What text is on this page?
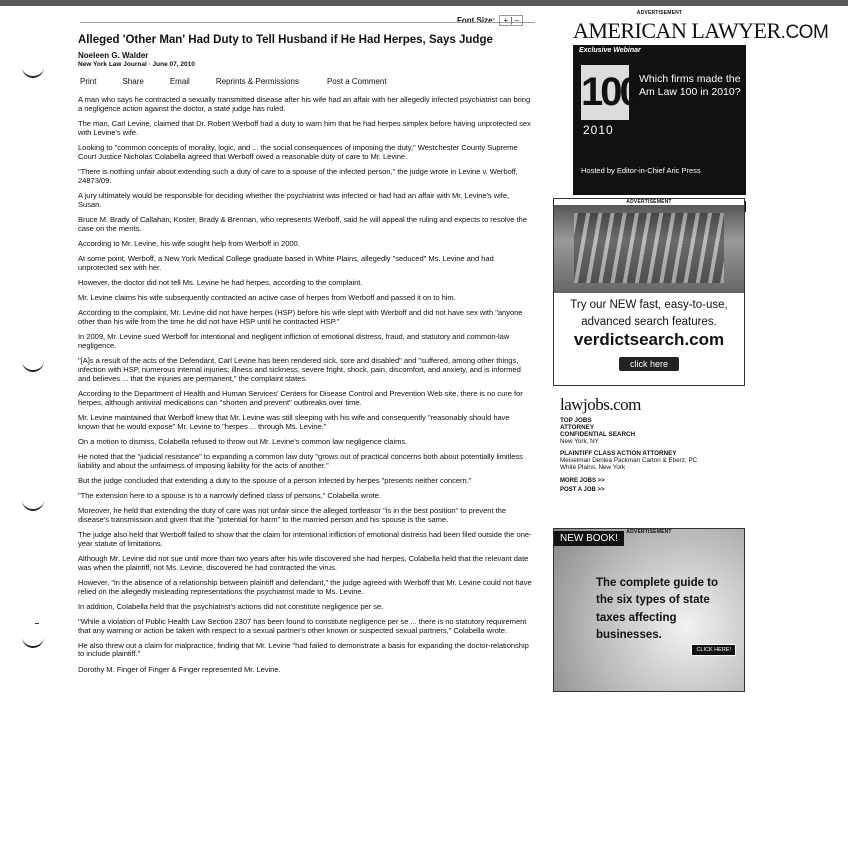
Font Size: + | –
Alleged 'Other Man' Had Duty to Tell Husband if He Had Herpes, Says Judge
Noeleen G. Walder
New York Law Journal · June 07, 2010
Print	Share	Email	Reprints & Permissions	Post a Comment

A man who says he contracted a sexually transmitted disease after his wife had an affair with her allegedly infected psychiatrist can bring a negligence action against the doctor, a state judge has ruled.

The man, Carl Levine, claimed that Dr. Robert Werboff had a duty to warn him that he had herpes simplex before having unprotected sex with Levine's wife.

Looking to "common concepts of morality, logic, and ... the social consequences of imposing the duty," Westchester County Supreme Court Justice Nicholas Colabella agreed that Werboff owed a reasonable duty of care to Mr. Levine.

"There is nothing unfair about extending such a duty of care to a spouse of the infected person," the judge wrote in Levine v. Werboff, 24873/09.

A jury ultimately would be responsible for deciding whether the psychiatrist was infected or had had an affair with Mr. Levine's wife, Susan.

Bruce M. Brady of Callahan, Koster, Brady & Brennan, who represents Werboff, said he will appeal the ruling and expects to resolve the case on the merits.

According to Mr. Levine, his wife sought help from Werboff in 2000.

At some point, Werboff, a New York Medical College graduate based in White Plains, allegedly "seduced" Ms. Levine and had unprotected sex with her.

However, the doctor did not tell Ms. Levine he had herpes, according to the complaint.

Mr. Levine claims his wife subsequently contracted an active case of herpes from Werboff and passed it on to him.

According to the complaint, Mr. Levine did not have herpes (HSP) before his wife slept with Werboff and did not have sex with "anyone other than his wife from the time he did not have HSP until he contracted HSP."

In 2009, Mr. Levine sued Werboff for intentional and negligent infliction of emotional distress, fraud, and statutory and common-law negligence.

"[A]s a result of the acts of the Defendant, Carl Levine has been rendered sick, sore and disabled" and "suffered, among other things, infection with HSP, numerous internal injuries; illness and sickness, severe fright, shock, pain, discomfort, and anxiety, and is informed and believes ... that the injuries are permanent," the complaint states.

According to the Department of Health and Human Services' Centers for Disease Control and Prevention Web site, there is no cure for herpes, although antiviral medications can "shorten and prevent" outbreaks over time.

Mr. Levine maintained that Werboff knew that Mr. Levine was still sleeping with his wife and consequently "reasonably should have known that he would expose" Mr. Levine to "herpes ... through Ms. Levine."

On a motion to dismiss, Colabella refused to throw out Mr. Levine's common law negligence claims.

He noted that the "judicial resistance" to expanding a common law duty "grows out of practical concerns both about potentially limitless liability and about the unfairness of imposing liability for the acts of another."

But the judge concluded that extending a duty to the spouse of a person infected by herpes "presents neither concern."

"The extension here to a spouse is to a narrowly defined class of persons," Colabella wrote.

Moreover, he held that extending the duty of care was not unfair since the alleged tortfeasor "is in the best position" to prevent the disease's transmission and given that the "potential for harm" to the married person and his spouse is the same.

The judge also held that Werboff failed to show that the claim for intentional infliction of emotional distress had been filed outside the one-year statute of limitations.

Although Mr. Levine did not sue until more than two years after his wife discovered she had herpes, Colabella held that the relevant date was when the plaintiff, not Ms. Levine, discovered he had contracted the virus.

However, "in the absence of a relationship between plaintiff and defendant," the judge agreed with Werboff that Mr. Levine could not have relied on the allegedly misleading representations the psychiatrist made to Ms. Levine.

In addition, Colabella held that the psychiatrist's actions did not constitute negligence per se.

"While a violation of Public Health Law Section 2307 has been found to constitute negligence per se ... there is no statutory requirement that any warning or action be taken with respect to a sexual partner's other known or suspected sexual partners," Colabella wrote.

He also threw out a claim for malpractice, finding that Mr. Levine "had failed to demonstrate a basis for expanding the doctor-relationship to include plaintiff."

Dorothy M. Finger of Finger & Finger represented Mr. Levine.

ADVERTISEMENT
AMERICAN LAWYER.COM
Exclusive Webinar
100
2010
Which firms made the Am Law 100 in 2010?
Hosted by Editor-in-Chief Aric Press
ADVERTISEMENT
Try our NEW fast, easy-to-use, advanced search features.
verdictsearch.com
click here
lawjobs.com
TOP JOBS
ATTORNEY
CONFIDENTIAL SEARCH
New York, NY
PLAINTIFF CLASS ACTION ATTORNEY
Meiselman Denlea Packman Carton & Eberz, PC
White Plains, New York
MORE JOBS >>
POST A JOB >>
ADVERTISEMENT
NEW BOOK!
The complete guide to the six types of state taxes affecting businesses.
CLICK HERE!
